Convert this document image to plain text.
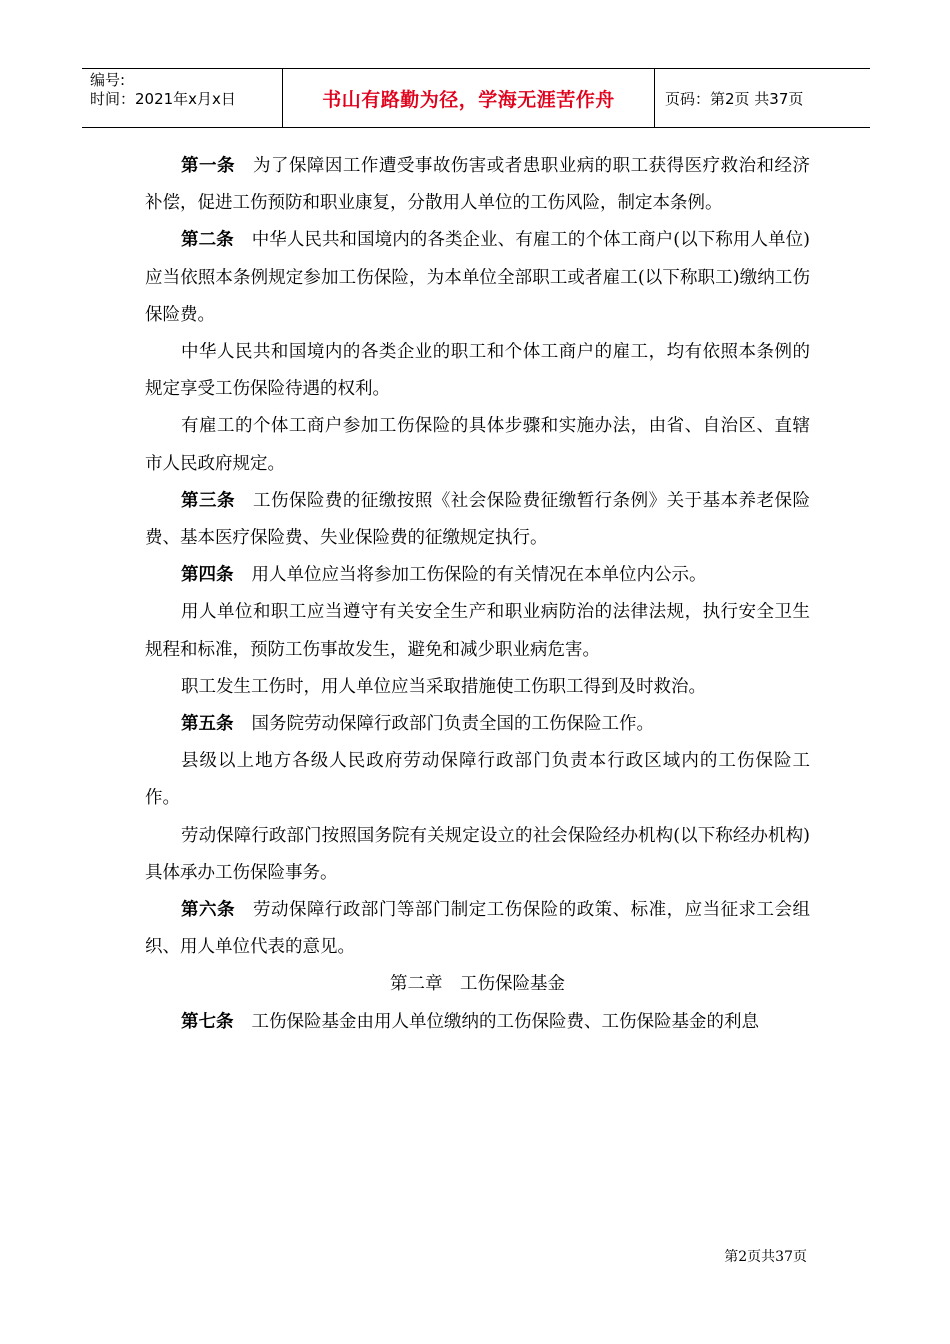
编号:
时间：2021年x月x日	书山有路勤为径，学海无涯苦作舟	页码：第2页 共37页

第一条 为了保障因工作遭受事故伤害或者患职业病的职工获得医疗救治和经济补偿，促进工伤预防和职业康复，分散用人单位的工伤风险，制定本条例。

第二条 中华人民共和国境内的各类企业、有雇工的个体工商户(以下称用人单位)应当依照本条例规定参加工伤保险，为本单位全部职工或者雇工(以下称职工)缴纳工伤保险费。

中华人民共和国境内的各类企业的职工和个体工商户的雇工，均有依照本条例的规定享受工伤保险待遇的权利。

有雇工的个体工商户参加工伤保险的具体步骤和实施办法，由省、自治区、直辖市人民政府规定。

第三条 工伤保险费的征缴按照《社会保险费征缴暂行条例》关于基本养老保险费、基本医疗保险费、失业保险费的征缴规定执行。

第四条 用人单位应当将参加工伤保险的有关情况在本单位内公示。

用人单位和职工应当遵守有关安全生产和职业病防治的法律法规，执行安全卫生规程和标准，预防工伤事故发生，避免和减少职业病危害。

职工发生工伤时，用人单位应当采取措施使工伤职工得到及时救治。

第五条 国务院劳动保障行政部门负责全国的工伤保险工作。

县级以上地方各级人民政府劳动保障行政部门负责本行政区域内的工伤保险工作。

劳动保障行政部门按照国务院有关规定设立的社会保险经办机构(以下称经办机构)具体承办工伤保险事务。

第六条 劳动保障行政部门等部门制定工伤保险的政策、标准，应当征求工会组织、用人单位代表的意见。

第二章　工伤保险基金

第七条 工伤保险基金由用人单位缴纳的工伤保险费、工伤保险基金的利息

第2页共37页
